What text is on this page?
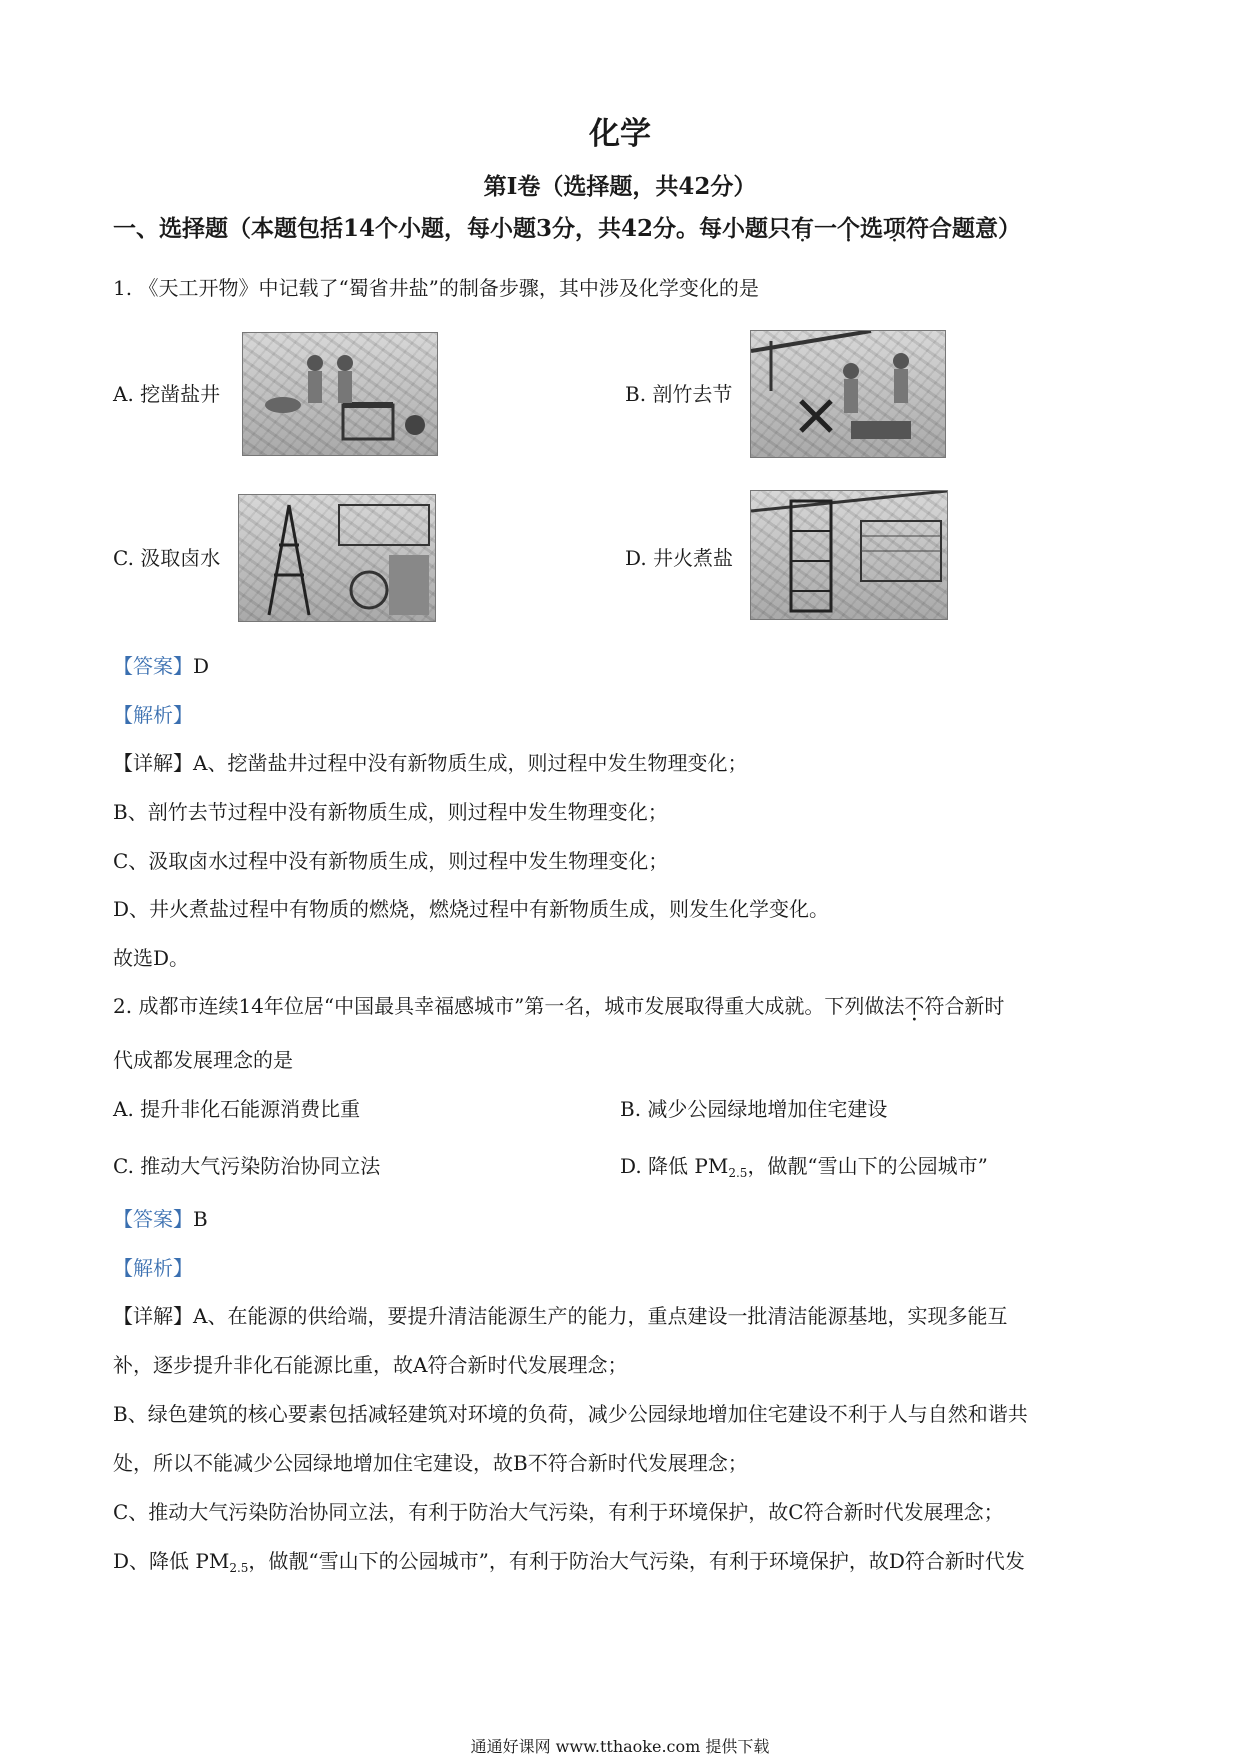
化学
第I卷（选择题，共42分）
一、选择题（本题包括14个小题，每小题3分，共42分。每小题只有一个选项符合题意）
1. 《天工开物》中记载了“蜀省井盐”的制备步骤，其中涉及化学变化的是
A. 挖凿盐井	B. 剖竹去节
C. 汲取卤水	D. 井火煮盐
【答案】D
【解析】
【详解】A、挖凿盐井过程中没有新物质生成，则过程中发生物理变化；
B、剖竹去节过程中没有新物质生成，则过程中发生物理变化；
C、汲取卤水过程中没有新物质生成，则过程中发生物理变化；
D、井火煮盐过程中有物质的燃烧，燃烧过程中有新物质生成，则发生化学变化。
故选D。
2. 成都市连续14年位居“中国最具幸福感城市”第一名，城市发展取得重大成就。下列做法不符合新时
代成都发展理念的是
A. 提升非化石能源消费比重	B. 减少公园绿地增加住宅建设
C. 推动大气污染防治协同立法	D. 降低 $PM_{2.5}$，做靓“雪山下的公园城市”
【答案】B
【解析】
【详解】A、在能源的供给端，要提升清洁能源生产的能力，重点建设一批清洁能源基地，实现多能互
补，逐步提升非化石能源比重，故A符合新时代发展理念；
B、绿色建筑的核心要素包括减轻建筑对环境的负荷，减少公园绿地增加住宅建设不利于人与自然和谐共
处，所以不能减少公园绿地增加住宅建设，故B不符合新时代发展理念；
C、推动大气污染防治协同立法，有利于防治大气污染，有利于环境保护，故C符合新时代发展理念；
D、降低 $PM_{2.5}$，做靓“雪山下的公园城市”，有利于防治大气污染，有利于环境保护，故D符合新时代发
通通好课网 www.tthaoke.com 提供下载
